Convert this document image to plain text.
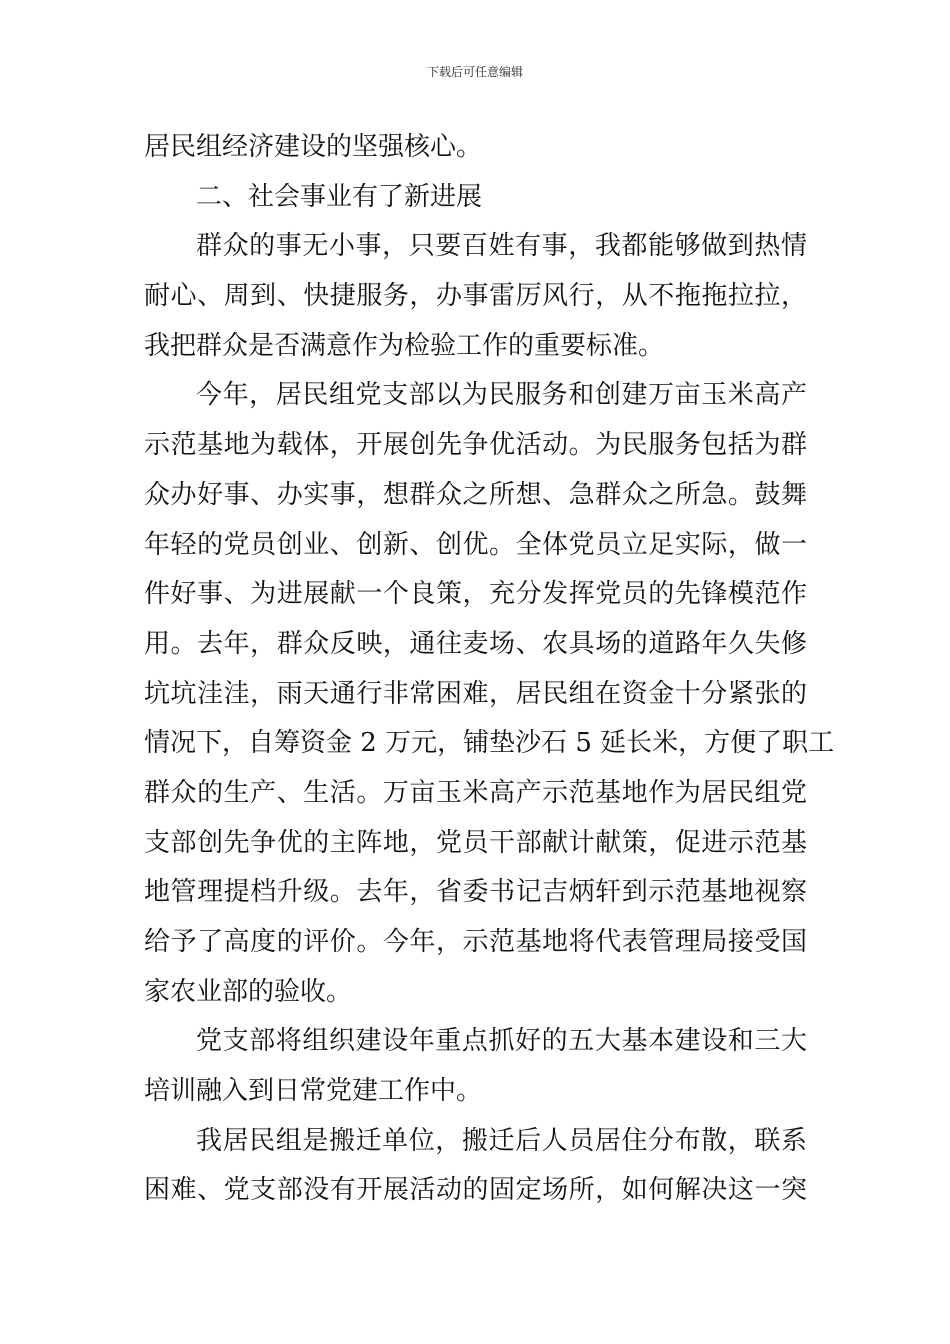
下载后可任意编辑
居民组经济建设的坚强核心。
二、社会事业有了新进展
群众的事无小事，只要百姓有事，我都能够做到热情
耐心、周到、快捷服务，办事雷厉风行，从不拖拖拉拉，
我把群众是否满意作为检验工作的重要标准。
今年，居民组党支部以为民服务和创建万亩玉米高产
示范基地为载体，开展创先争优活动。为民服务包括为群
众办好事、办实事，想群众之所想、急群众之所急。鼓舞
年轻的党员创业、创新、创优。全体党员立足实际，做一
件好事、为进展献一个良策，充分发挥党员的先锋模范作
用。去年，群众反映，通往麦场、农具场的道路年久失修
坑坑洼洼，雨天通行非常困难，居民组在资金十分紧张的
情况下，自筹资金 2 万元，铺垫沙石 5 延长米，方便了职工
群众的生产、生活。万亩玉米高产示范基地作为居民组党
支部创先争优的主阵地，党员干部献计献策，促进示范基
地管理提档升级。去年，省委书记吉炳轩到示范基地视察
给予了高度的评价。今年，示范基地将代表管理局接受国
家农业部的验收。
党支部将组织建设年重点抓好的五大基本建设和三大
培训融入到日常党建工作中。
我居民组是搬迁单位，搬迁后人员居住分布散，联系
困难、党支部没有开展活动的固定场所，如何解决这一突
